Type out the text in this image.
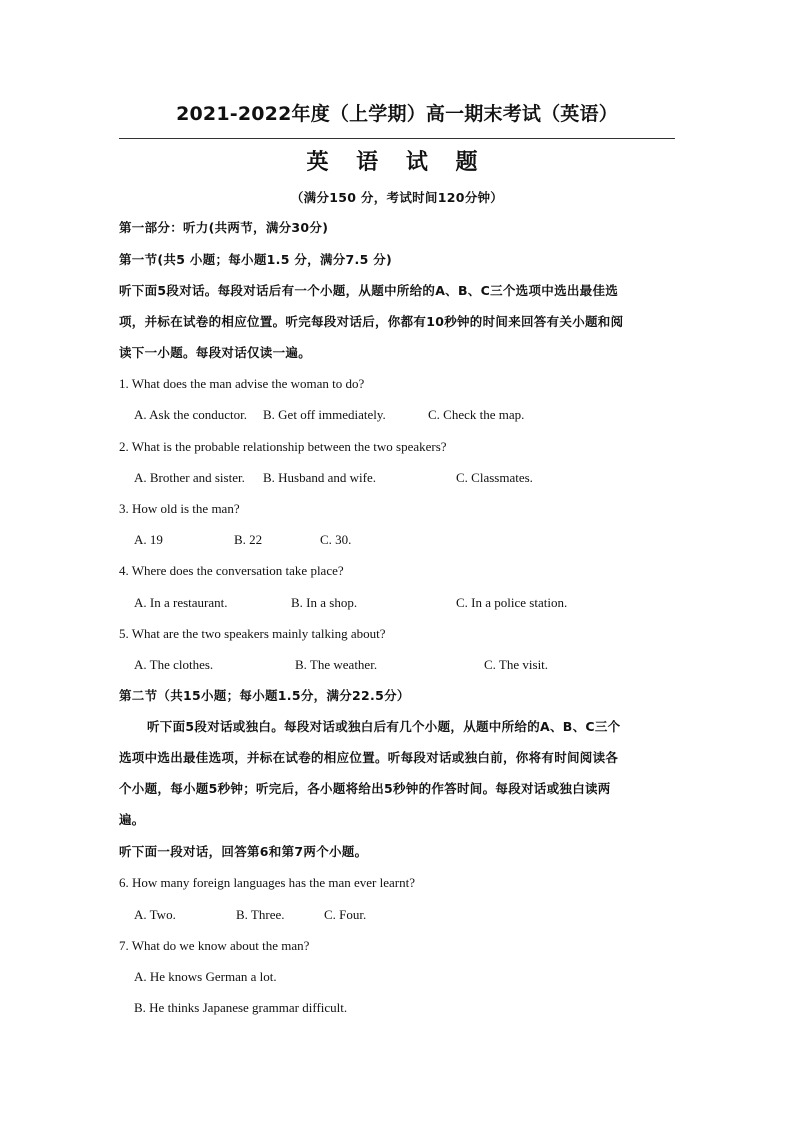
2021-2022年度（上学期）高一期末考试（英语）
英 语 试 题
（满分150 分，考试时间120分钟）
第一部分：听力(共两节，满分30分)
第一节(共5 小题；每小题1.5 分，满分7.5 分)
听下面5段对话。每段对话后有一个小题，从题中所给的A、B、C三个选项中选出最佳选
项，并标在试卷的相应位置。听完每段对话后，你都有10秒钟的时间来回答有关小题和阅
读下一小题。每段对话仅读一遍。
1. What does the man advise the woman to do?
A. Ask the conductor. B. Get off immediately.	C. Check the map.
2. What is the probable relationship between the two speakers?
A. Brother and sister. B. Husband and wife.	C. Classmates.
3. How old is the man?
A. 19	B. 22	C. 30.
4. Where does the conversation take place?
A. In a restaurant.	B. In a shop.	C. In a police station.
5. What are the two speakers mainly talking about?
A. The clothes.	B. The weather.	C. The visit.
第二节（共15小题；每小题1.5分，满分22.5分）
听下面5段对话或独白。每段对话或独白后有几个小题，从题中所给的A、B、C三个
选项中选出最佳选项，并标在试卷的相应位置。听每段对话或独白前，你将有时间阅读各
个小题，每小题5秒钟；听完后，各小题将给出5秒钟的作答时间。每段对话或独白读两
遍。
听下面一段对话，回答第6和第7两个小题。
6. How many foreign languages has the man ever learnt?
A. Two.	B. Three.	C. Four.
7. What do we know about the man?
A. He knows German a lot.
B. He thinks Japanese grammar difficult.
